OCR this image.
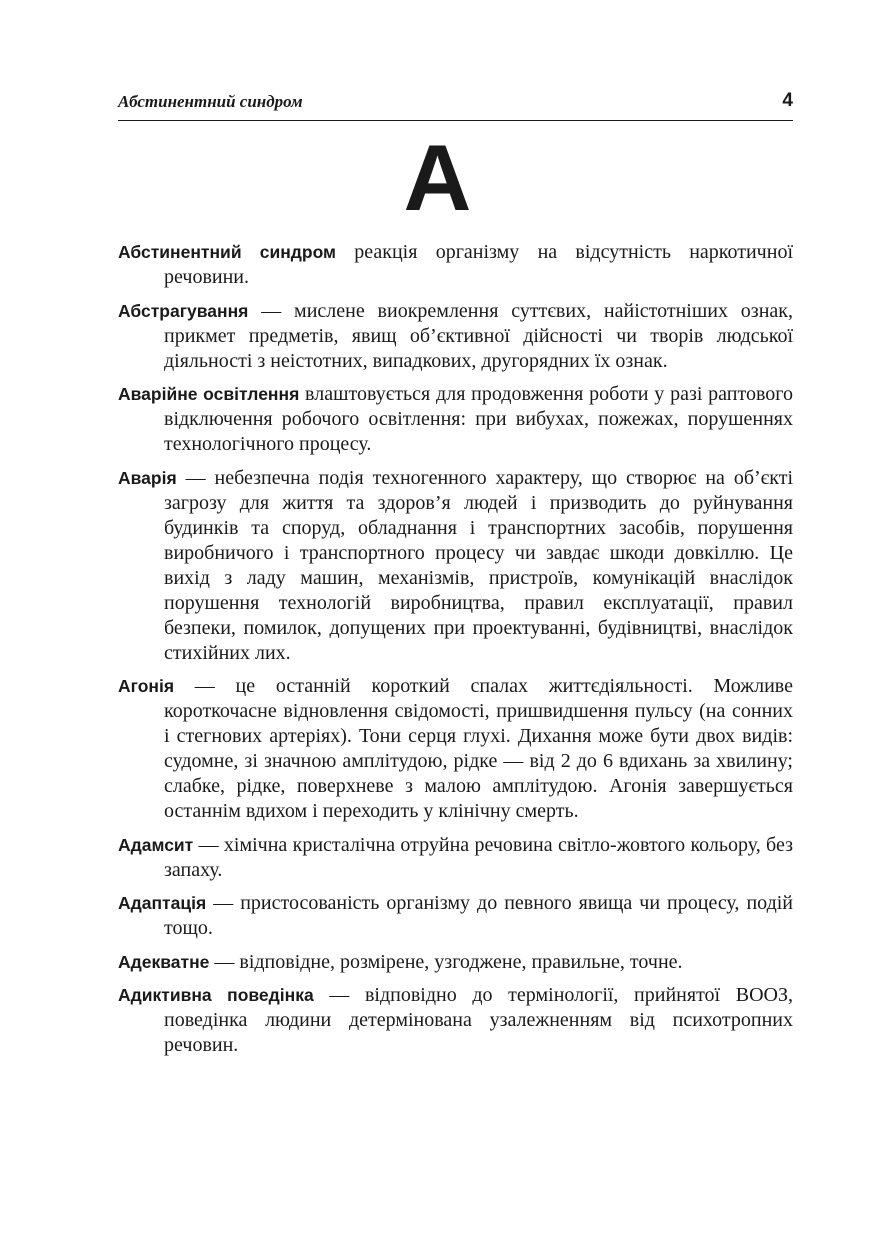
Абстинентний синдром	4
А

Абстинентний синдром реакція організму на відсутність наркотичної речовини.

Абстрагування — мислене виокремлення суттєвих, найістотніших ознак, прикмет предметів, явищ об’єктивної дійсності чи творів людської діяльності з неістотних, випадкових, другорядних їх ознак.

Аварійне освітлення влаштовується для продовження роботи у разі раптового відключення робочого освітлення: при вибухах, пожежах, порушеннях технологічного процесу.

Аварія — небезпечна подія техногенного характеру, що створює на об’єкті загрозу для життя та здоров’я людей і призводить до руйнування будинків та споруд, обладнання і транспортних засобів, порушення виробничого і транспортного процесу чи завдає шкоди довкіллю. Це вихід з ладу машин, механізмів, пристроїв, комунікацій внаслідок порушення технологій виробництва, правил експлуатації, правил безпеки, помилок, допущених при проектуванні, будівництві, внаслідок стихійних лих.

Агонія — це останній короткий спалах життєдіяльності. Можливе короткочасне відновлення свідомості, пришвидшення пульсу (на сонних і стегнових артеріях). Тони серця глухі. Дихання може бути двох видів: судомне, зі значною амплітудою, рідке — від 2 до 6 вдихань за хвилину; слабке, рідке, поверхневе з малою амплітудою. Агонія завершується останнім вдихом і переходить у клінічну смерть.

Адамсит — хімічна кристалічна отруйна речовина світло-жовтого кольору, без запаху.

Адаптація — пристосованість організму до певного явища чи процесу, подій тощо.

Адекватне — відповідне, розмірене, узгоджене, правильне, точне.

Адиктивна поведінка — відповідно до термінології, прийнятої ВООЗ, поведінка людини детермінована узалежненням від психотропних речовин.
